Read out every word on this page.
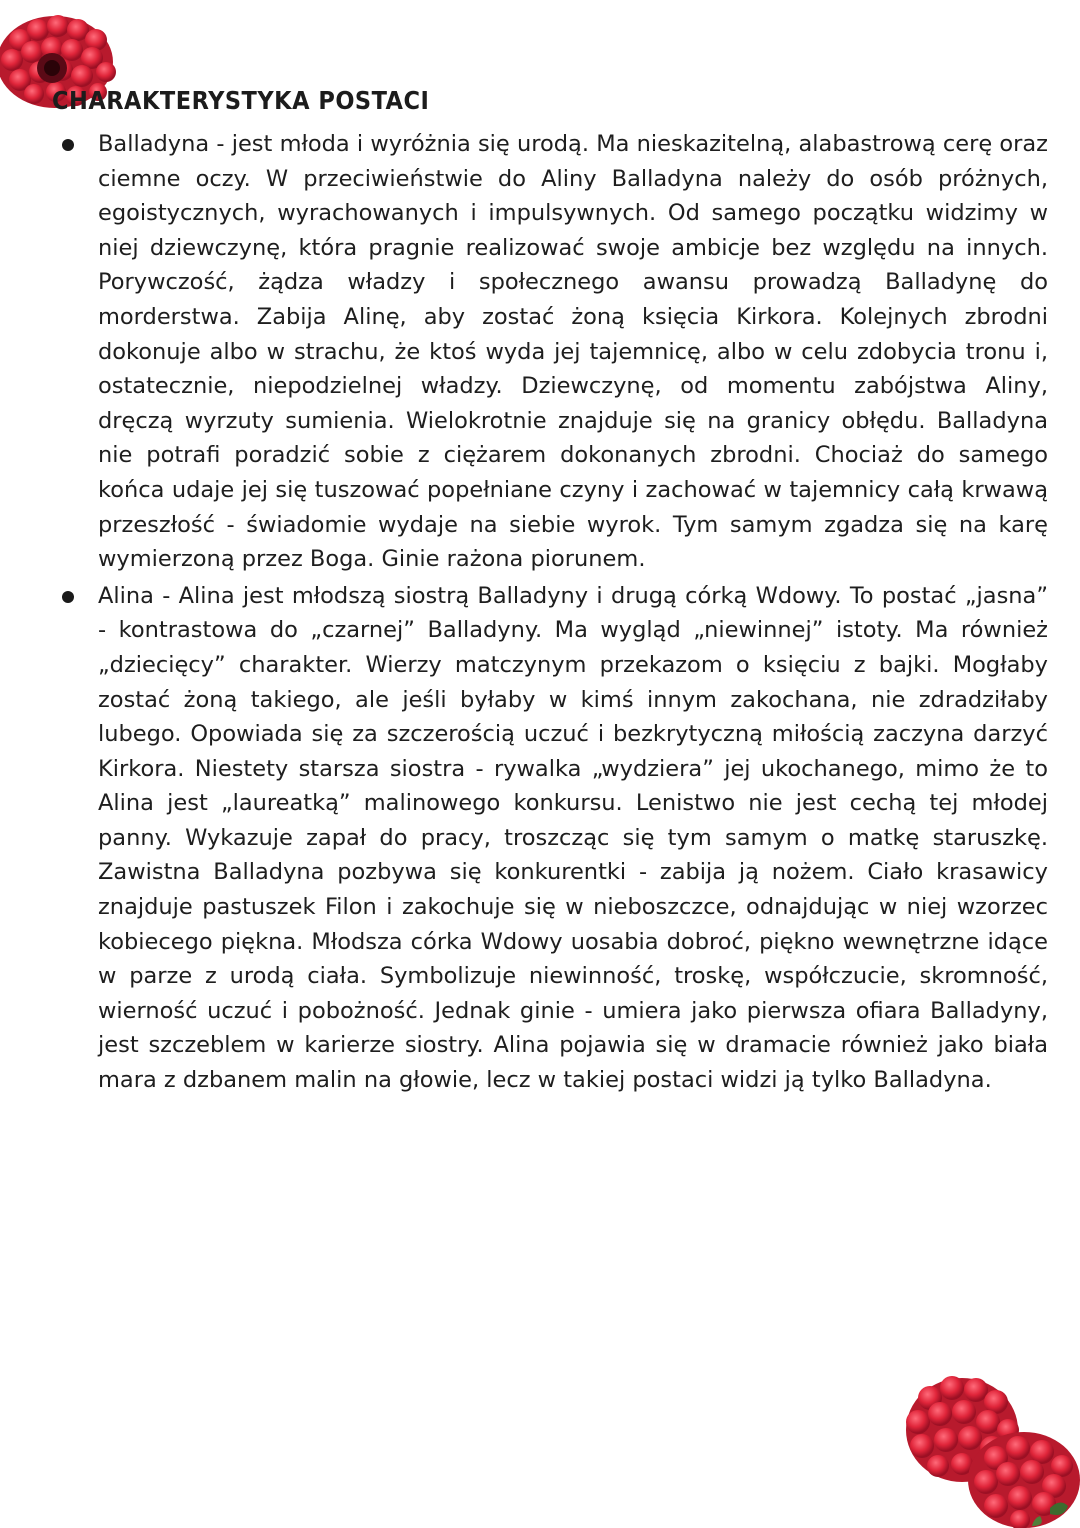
CHARAKTERYSTYKA POSTACI
Balladyna - jest młoda i wyróżnia się urodą. Ma nieskazitelną, alabastrową cerę oraz ciemne oczy. W przeciwieństwie do Aliny Balladyna należy do osób próżnych, egoistycznych, wyrachowanych i impulsywnych. Od samego początku widzimy w niej dziewczynę, która pragnie realizować swoje ambicje bez względu na innych. Porywczość, żądza władzy i społecznego awansu prowadzą Balladynę do morderstwa. Zabija Alinę, aby zostać żoną księcia Kirkora. Kolejnych zbrodni dokonuje albo w strachu, że ktoś wyda jej tajemnicę, albo w celu zdobycia tronu i, ostatecznie, niepodzielnej władzy. Dziewczynę, od momentu zabójstwa Aliny, dręczą wyrzuty sumienia. Wielokrotnie znajduje się na granicy obłędu. Balladyna nie potrafi poradzić sobie z ciężarem dokonanych zbrodni. Chociaż do samego końca udaje jej się tuszować popełniane czyny i zachować w tajemnicy całą krwawą przeszłość - świadomie wydaje na siebie wyrok. Tym samym zgadza się na karę wymierzoną przez Boga. Ginie rażona piorunem.
Alina - Alina jest młodszą siostrą Balladyny i drugą córką Wdowy. To postać „jasna” - kontrastowa do „czarnej” Balladyny. Ma wygląd „niewinnej” istoty. Ma również „dziecięcy” charakter. Wierzy matczynym przekazom o księciu z bajki. Mogłaby zostać żoną takiego, ale jeśli byłaby w kimś innym zakochana, nie zdradziłaby lubego. Opowiada się za szczerością uczuć i bezkrytyczną miłością zaczyna darzyć Kirkora. Niestety starsza siostra - rywalka „wydziera” jej ukochanego, mimo że to Alina jest „laureatką” malinowego konkursu. Lenistwo nie jest cechą tej młodej panny. Wykazuje zapał do pracy, troszcząc się tym samym o matkę staruszkę. Zawistna Balladyna pozbywa się konkurentki - zabija ją nożem. Ciało krasawicy znajduje pastuszek Filon i zakochuje się w nieboszczce, odnajdując w niej wzorzec kobiecego piękna. Młodsza córka Wdowy uosabia dobroć, piękno wewnętrzne idące w parze z urodą ciała. Symbolizuje niewinność, troskę, współczucie, skromność, wierność uczuć i pobożność. Jednak ginie - umiera jako pierwsza ofiara Balladyny, jest szczeblem w karierze siostry. Alina pojawia się w dramacie również jako biała mara z dzbanem malin na głowie, lecz w takiej postaci widzi ją tylko Balladyna.
